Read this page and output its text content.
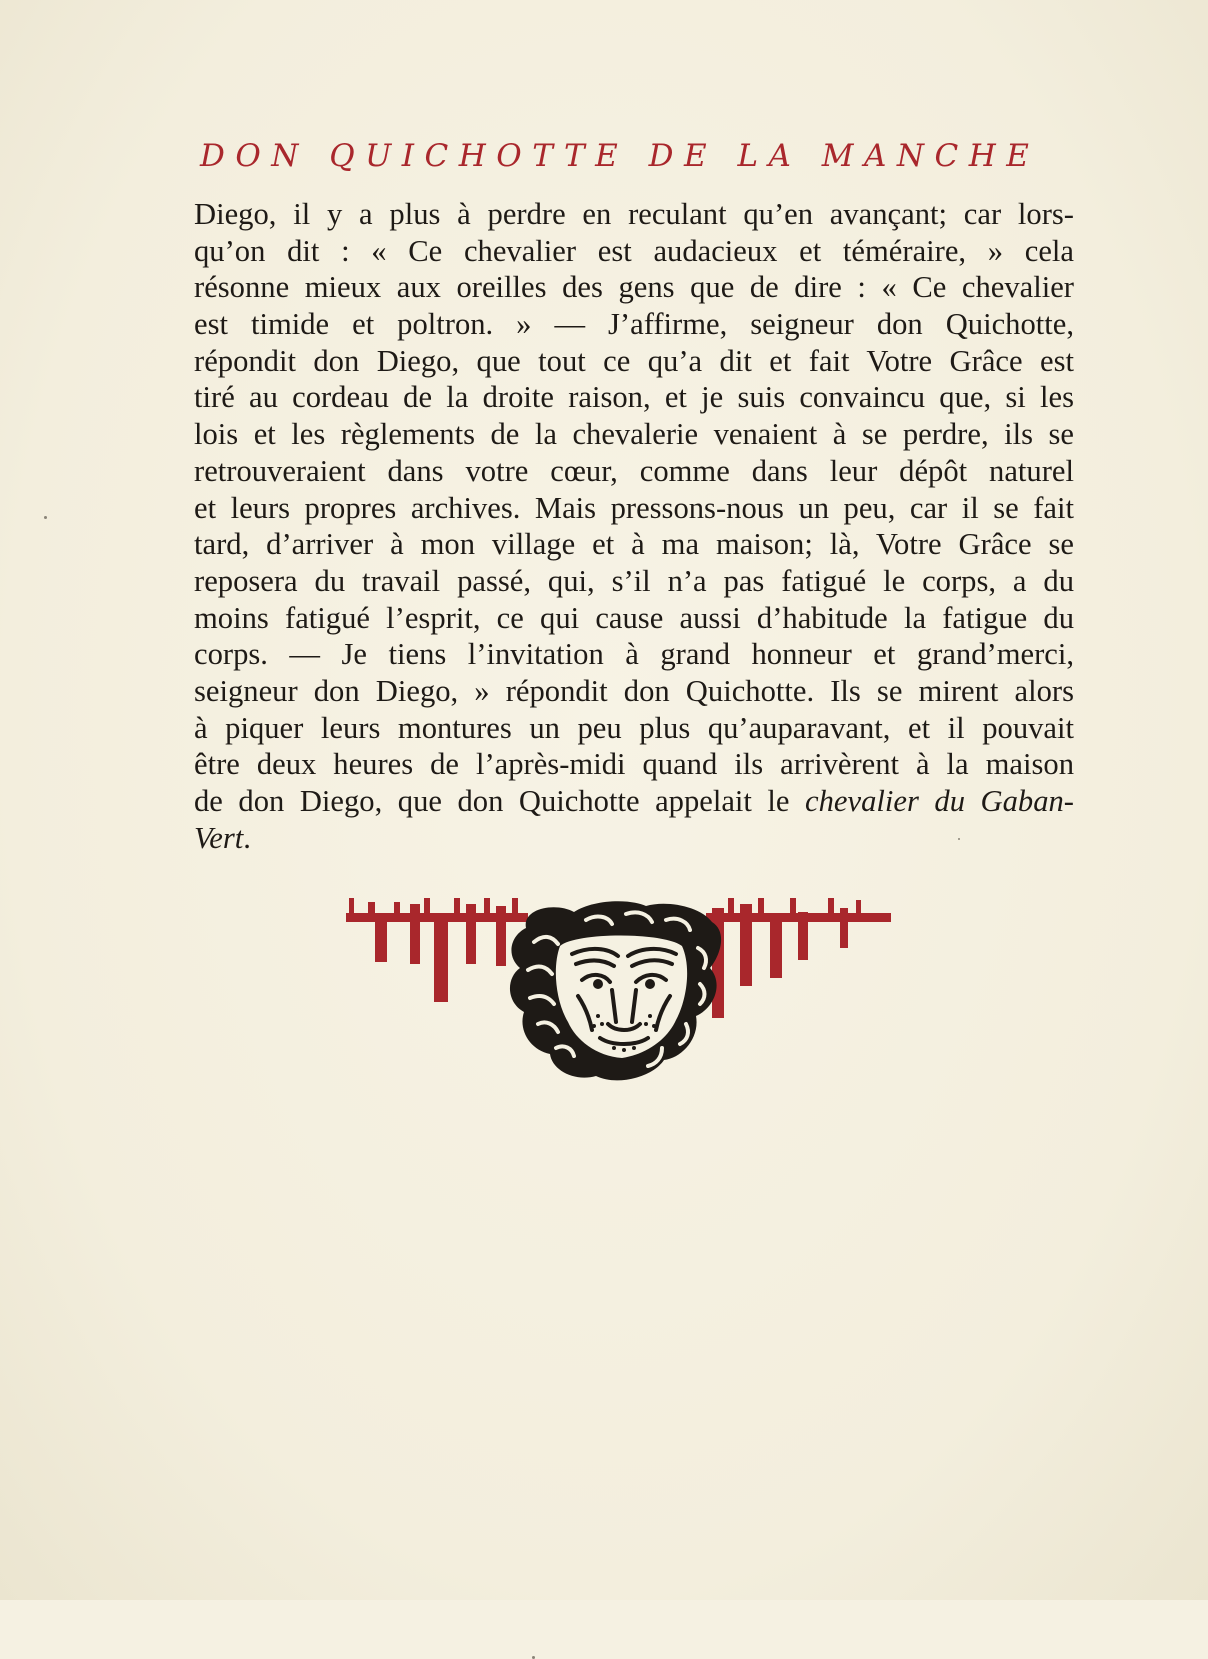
DON QUICHOTTE DE LA MANCHE
Diego, il y a plus à perdre en reculant qu’en avançant; car lors-
qu’on dit : « Ce chevalier est audacieux et téméraire, » cela
résonne mieux aux oreilles des gens que de dire : « Ce chevalier
est timide et poltron. » — J’affirme, seigneur don Quichotte,
répondit don Diego, que tout ce qu’a dit et fait Votre Grâce est
tiré au cordeau de la droite raison, et je suis convaincu que, si les
lois et les règlements de la chevalerie venaient à se perdre, ils se
retrouveraient dans votre cœur, comme dans leur dépôt naturel
et leurs propres archives. Mais pressons-nous un peu, car il se fait
tard, d’arriver à mon village et à ma maison; là, Votre Grâce se
reposera du travail passé, qui, s’il n’a pas fatigué le corps, a du
moins fatigué l’esprit, ce qui cause aussi d’habitude la fatigue du
corps. — Je tiens l’invitation à grand honneur et grand’merci,
seigneur don Diego, » répondit don Quichotte. Ils se mirent alors
à piquer leurs montures un peu plus qu’auparavant, et il pouvait
être deux heures de l’après-midi quand ils arrivèrent à la maison
de don Diego, que don Quichotte appelait le chevalier du Gaban-
Vert.
